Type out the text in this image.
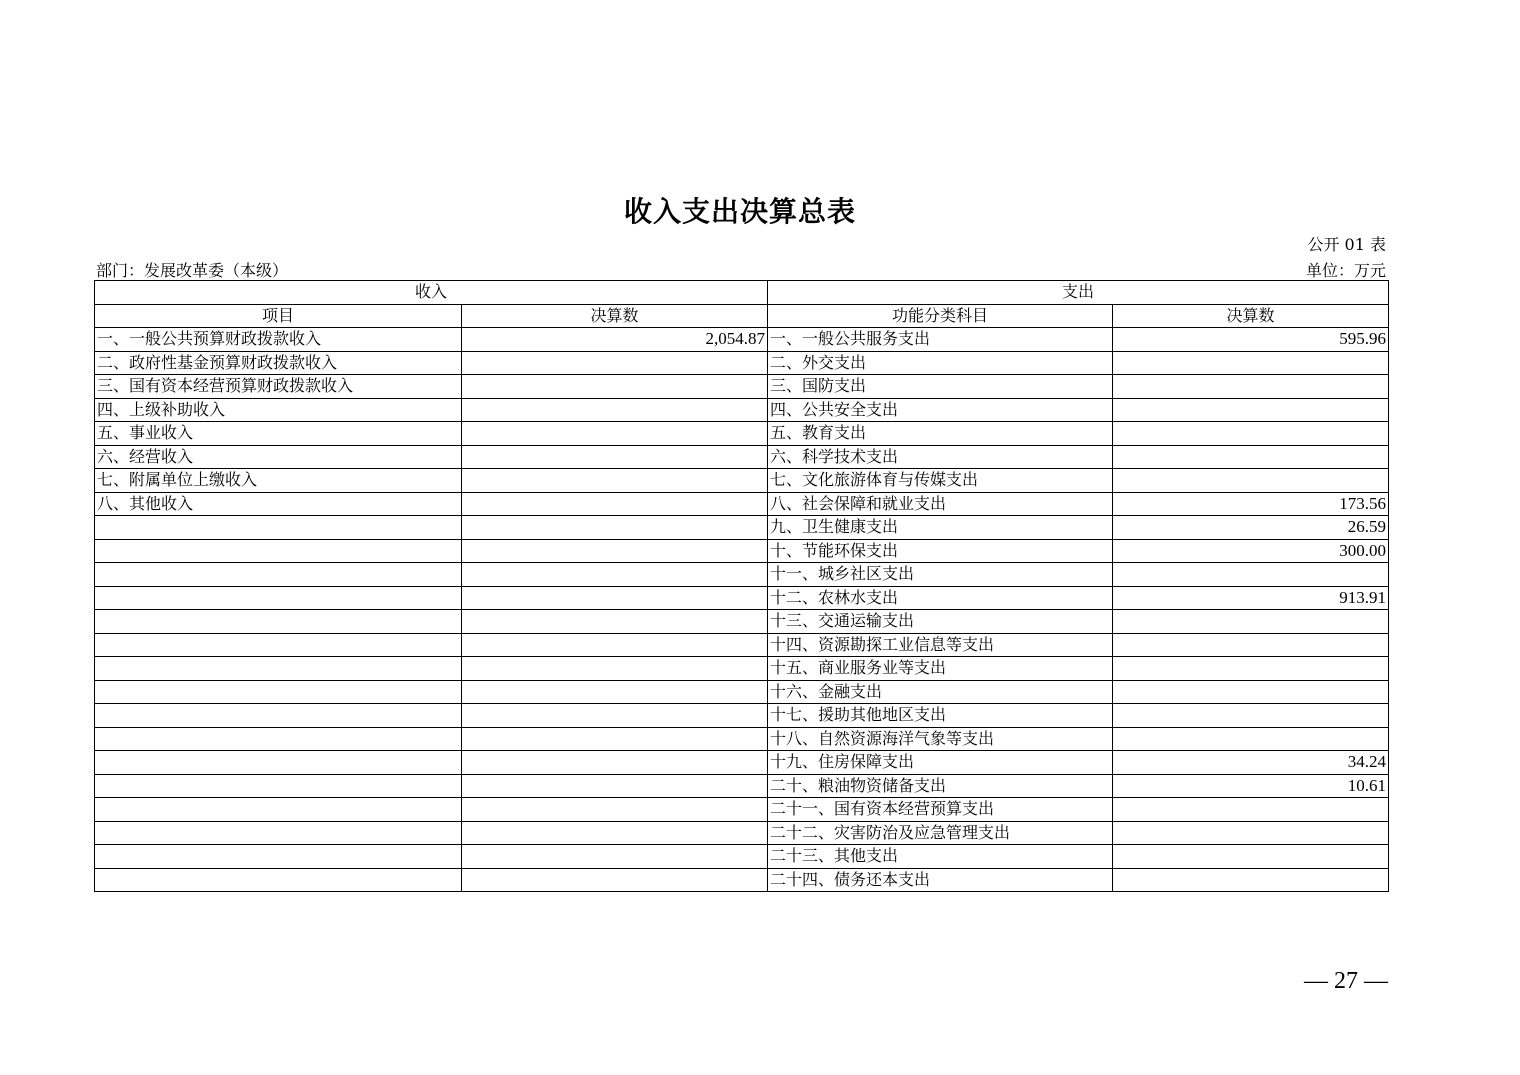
收入支出决算总表
公开 01 表
部门：发展改革委（本级）	单位：万元
收入		支出	
项目	决算数	功能分类科目	决算数
一、一般公共预算财政拨款收入	2,054.87	一、一般公共服务支出	595.96
二、政府性基金预算财政拨款收入		二、外交支出	
三、国有资本经营预算财政拨款收入		三、国防支出	
四、上级补助收入		四、公共安全支出	
五、事业收入		五、教育支出	
六、经营收入		六、科学技术支出	
七、附属单位上缴收入		七、文化旅游体育与传媒支出	
八、其他收入		八、社会保障和就业支出	173.56
		九、卫生健康支出	26.59
		十、节能环保支出	300.00
		十一、城乡社区支出	
		十二、农林水支出	913.91
		十三、交通运输支出	
		十四、资源勘探工业信息等支出	
		十五、商业服务业等支出	
		十六、金融支出	
		十七、援助其他地区支出	
		十八、自然资源海洋气象等支出	
		十九、住房保障支出	34.24
		二十、粮油物资储备支出	10.61
		二十一、国有资本经营预算支出	
		二十二、灾害防治及应急管理支出	
		二十三、其他支出	
		二十四、债务还本支出	
— 27 —
